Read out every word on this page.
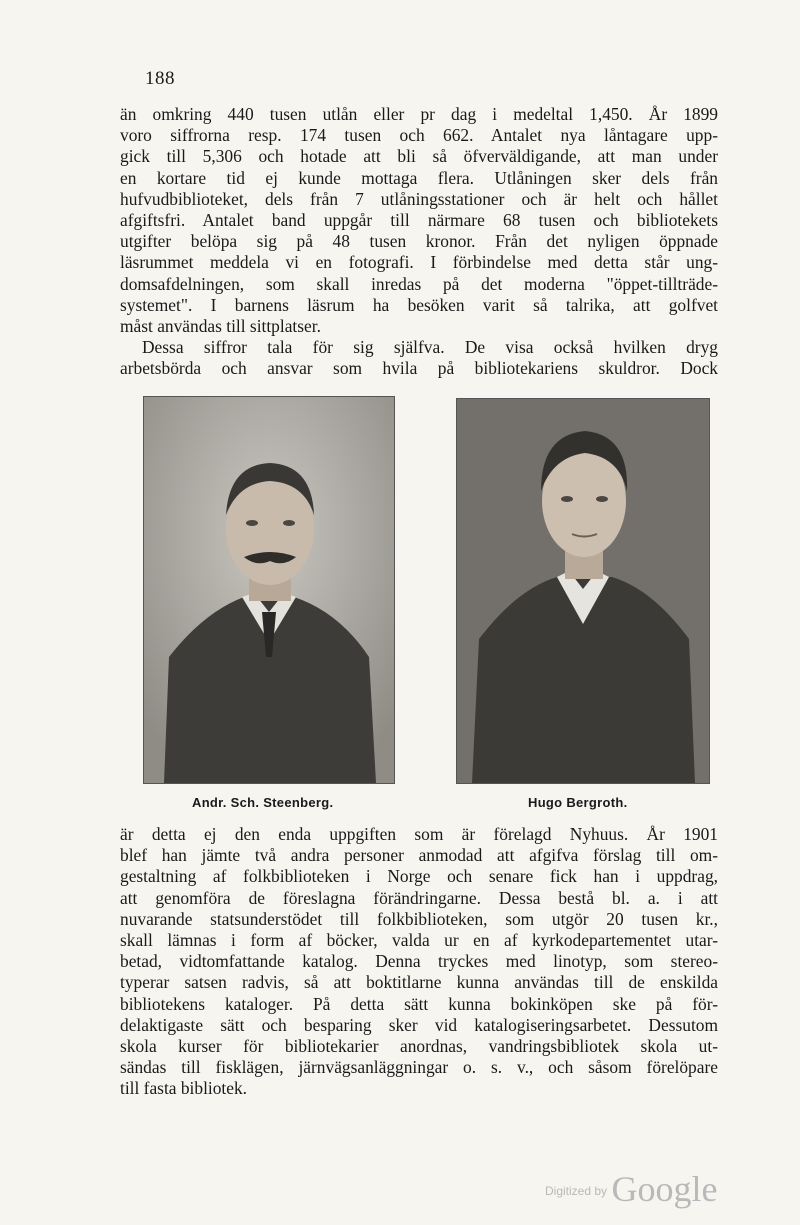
188
än omkring 440 tusen utlån eller pr dag i medeltal 1,450. År 1899
voro siffrorna resp. 174 tusen och 662. Antalet nya låntagare upp-
gick till 5,306 och hotade att bli så öfverväldigande, att man under
en kortare tid ej kunde mottaga flera. Utlåningen sker dels från
hufvudbiblioteket, dels från 7 utlåningsstationer och är helt och hållet
afgiftsfri. Antalet band uppgår till närmare 68 tusen och bibliotekets
utgifter belöpa sig på 48 tusen kronor. Från det nyligen öppnade
läsrummet meddela vi en fotografi. I förbindelse med detta står ung-
domsafdelningen, som skall inredas på det moderna "öppet-tillträde-
systemet". I barnens läsrum ha besöken varit så talrika, att golfvet
måst användas till sittplatser.
Dessa siffror tala för sig själfva. De visa också hvilken dryg
arbetsbörda och ansvar som hvila på bibliotekariens skuldror. Dock
Andr. Sch. Steenberg.	Hugo Bergroth.
är detta ej den enda uppgiften som är förelagd Nyhuus. År 1901
blef han jämte två andra personer anmodad att afgifva förslag till om-
gestaltning af folkbiblioteken i Norge och senare fick han i uppdrag,
att genomföra de föreslagna förändringarne. Dessa bestå bl. a. i att
nuvarande statsunderstödet till folkbiblioteken, som utgör 20 tusen kr.,
skall lämnas i form af böcker, valda ur en af kyrkodepartementet utar-
betad, vidtomfattande katalog. Denna tryckes med linotyp, som stereo-
typerar satsen radvis, så att boktitlarne kunna användas till de enskilda
bibliotekens kataloger. På detta sätt kunna bokinköpen ske på för-
delaktigaste sätt och besparing sker vid katalogiseringsarbetet. Dessutom
skola kurser för bibliotekarier anordnas, vandringsbibliotek skola ut-
sändas till fisklägen, järnvägsanläggningar o. s. v., och såsom förelöpare
till fasta bibliotek.
$^{Digitized by}$ Google
